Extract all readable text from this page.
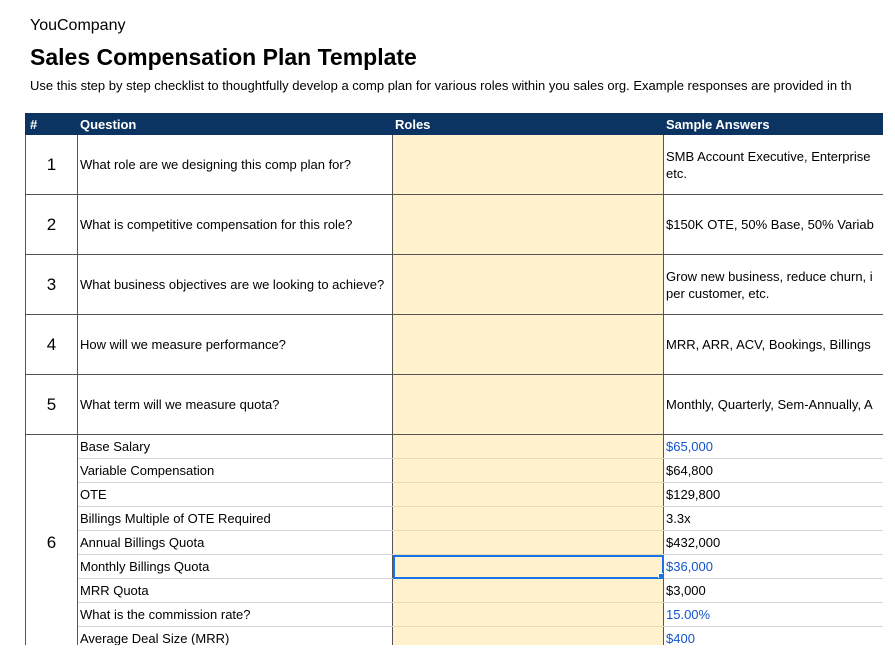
YouCompany
Sales Compensation Plan Template
Use this step by step checklist to thoughtfully develop a comp plan for various roles within you sales org. Example responses are provided in th
#	Question	Roles	Sample Answers
1	What role are we designing this comp plan for?		SMB Account Executive, Enterprise etc.
2	What is competitive compensation for this role?		$150K OTE, 50% Base, 50% Variab
3	What business objectives are we looking to achieve?		Grow new business, reduce churn, i per customer, etc.
4	How will we measure performance?		MRR, ARR, ACV, Bookings, Billings
5	What term will we measure quota?		Monthly, Quarterly, Sem-Annually, A
6	Base Salary		$65,000
	Variable Compensation		$64,800
	OTE		$129,800
	Billings Multiple of OTE Required		3.3x
	Annual Billings Quota		$432,000
	Monthly Billings Quota		$36,000
	MRR Quota		$3,000
	What is the commission rate?		15.00%
	Average Deal Size (MRR)		$400
